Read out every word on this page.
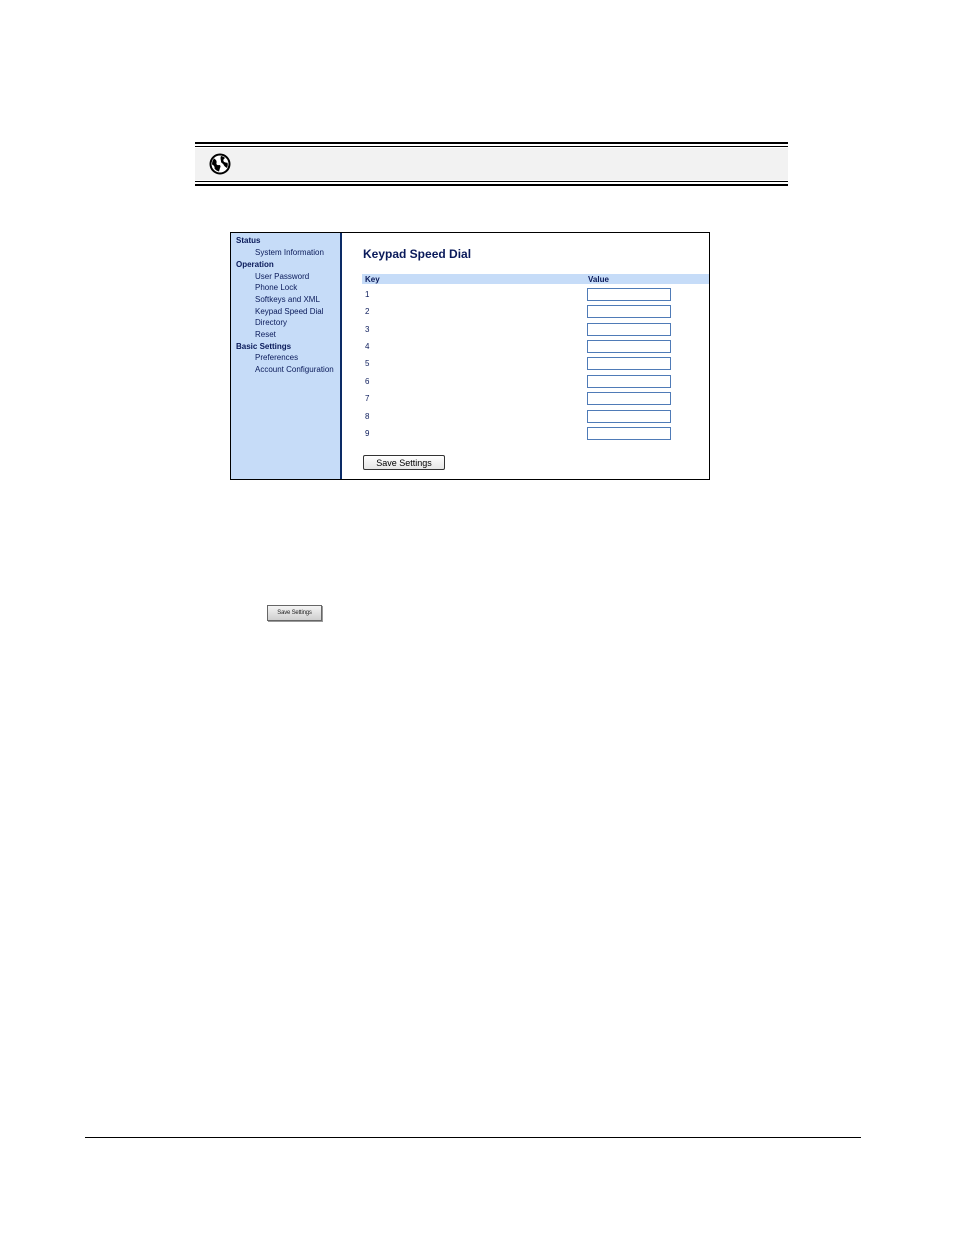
Status
System Information
Operation
User Password
Phone Lock
Softkeys and XML
Keypad Speed Dial
Directory
Reset
Basic Settings
Preferences
Account Configuration
Keypad Speed Dial
Key	Value
1
2
3
4
5
6
7
8
9
Save Settings
Save Settings
